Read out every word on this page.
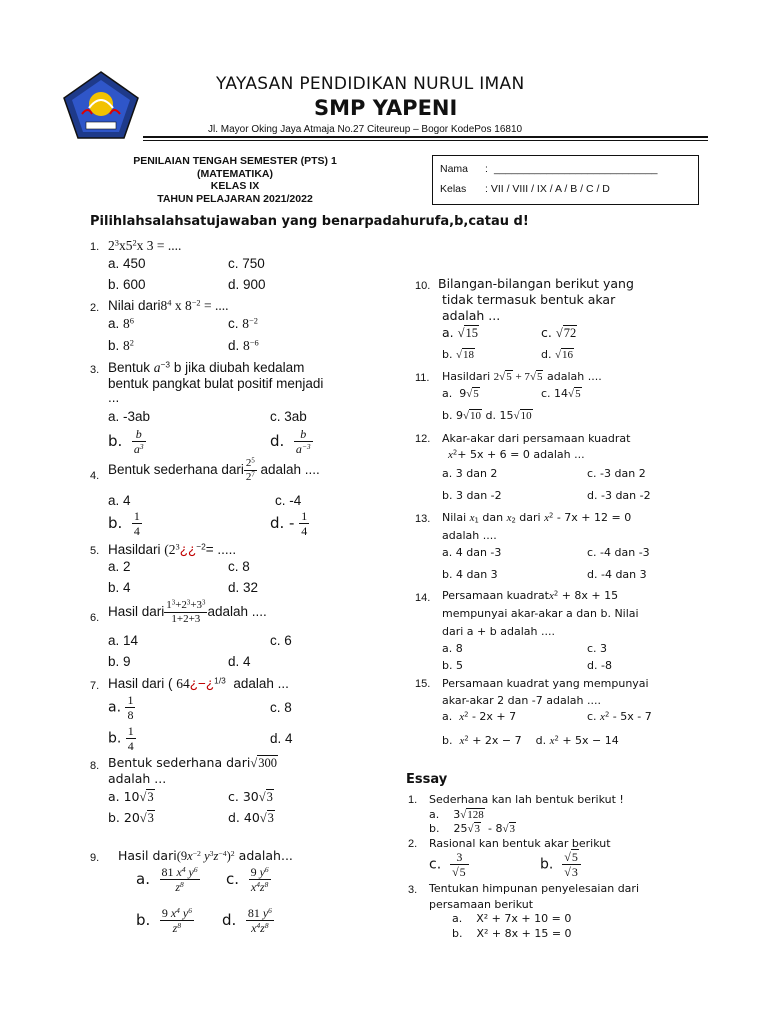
YAYASAN PENDIDIKAN NURUL IMAN
SMP YAPENI
Jl. Mayor Oking Jaya Atmaja No.27 Citeureup – Bogor KodePos 16810
PENILAIAN TENGAH SEMESTER (PTS) 1
(MATEMATIKA)
KELAS IX
TAHUN PELAJARAN 2021/2022
Nama : ____________________________
Kelas : VII / VIII / IX / A / B / C / D
Pilihlahsalahsatujawaban yang benarpadahurufa,b,catau d!
1. $2^3x5^2x$ 3 = ....
a. 450	c. 750
b. 600	d. 900
2. Nilai $dari8^4$ x $8^{-2}$ = ....
a. $8^6$	c. $8^{-2}$
b. $8^2$	d. $8^{-6}$
3. Bentuk $a^{-3}$ b jika diubah kedalam
bentuk pangkat bulat positif menjadi
...
a. -3ab	c. 3ab
b. $\frac{b}{a^3}$	d. $\frac{b}{a^{-3}}$
4. Bentuk sederhana dari $\frac{2^5}{2^7}$ adalah ....
a. 4	c. -4
b. $\frac{1}{4}$	d. - $\frac{1}{4}$
5. Hasildari ($2^3¿¿^{-2}=$ .....
a. 2	c. 8
b. 4	d. 32
6. Hasil dari $\frac{1^3+2^3+3^3}{1+2+3}$ adalah ....
a. 14	c. 6
b. 9	d. 4
7. Hasil dari ( 64¿−¿$^{1/3}$ adalah ...
a. $\frac{1}{8}$	c. 8
b. $\frac{1}{4}$	d. 4
8. Bentuk sederhana dari√300
adalah ...
a. 10√3	c. 30√3
b. 20√3	d. 40√3
9. Hasil $dari(9x^{-2}$ $y^3z^{-4})^2$ adalah...
a. $\frac{81 x^4 y^6}{z^8} c$. $\frac{9 y^6}{x^4z^8}$
b. $\frac{9 x^4 y^6}{z^8} d$. $\frac{81 y^6}{x^4z^8}$
10. Bilangan-bilangan berikut yang
tidak termasuk bentuk akar
adalah ...
a. √15	c. √72
b. √18	d. √16
11. Hasildari 2√5 + 7√5 adalah ....
a.  9√5	c. 14√5
b. 9√10 d. 15√10
12. Akar-akar dari persamaan kuadrat
$x^2+ 5x + 6 = 0$ adalah ...
a. 3 dan 2	c. -3 dan 2
b. 3 dan -2	d. -3 dan -2
13. Nilai $x_1$ dan $x_2$ dari $x^2 - 7x + 12 = 0$
adalah ....
a. 4 dan -3	c. -4 dan -3
b. 4 dan 3	d. -4 dan 3
14. Persamaan kuadratx$^2$ + 8x + 15
mempunyai akar-akar a dan b. Nilai
dari a + b adalah ....
a. 8	c. 3
b. 5	d. -8
15. Persamaan kuadrat yang mempunyai
akar-akar 2 dan -7 adalah ....
a.  $x^2 - 2x + 7$	c. $x^2 - 5x - 7$
b.  $x^2 + 2x - 7$    d. $x^2 + 5x - 14$
Essay
1. Sederhana kan lah bentuk berikut !
a.    3√128
b.    25√3  - 8√3
2. Rasional kan bentuk akar berikut
c. $\frac{3}{√5}$	b. $\frac{√5}{√3}$
3. Tentukan himpunan penyelesaian dari
persamaan berikut
a.    X² + 7x + 10 = 0
b.    X² + 8x + 15 = 0
